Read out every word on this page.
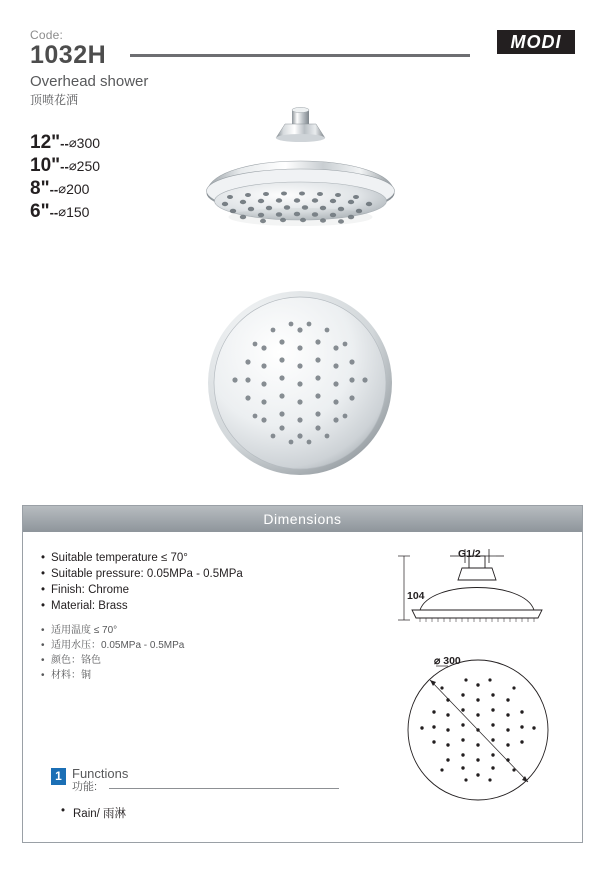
Code:
1032H
Overhead shower
顶喷花洒
MODI
12"--⌀300
10"--⌀250
8"--⌀200
6"--⌀150
Dimensions
• Suitable temperature ≤ 70°
• Suitable pressure: 0.05MPa - 0.5MPa
• Finish: Chrome
• Material: Brass
• 适用温度 ≤ 70°
• 适用水压：0.05MPa - 0.5MPa
• 颜色：铬色
• 材料：铜
1 Functions
功能:
• Rain/ 雨淋
G1/2
104
⌀ 300
